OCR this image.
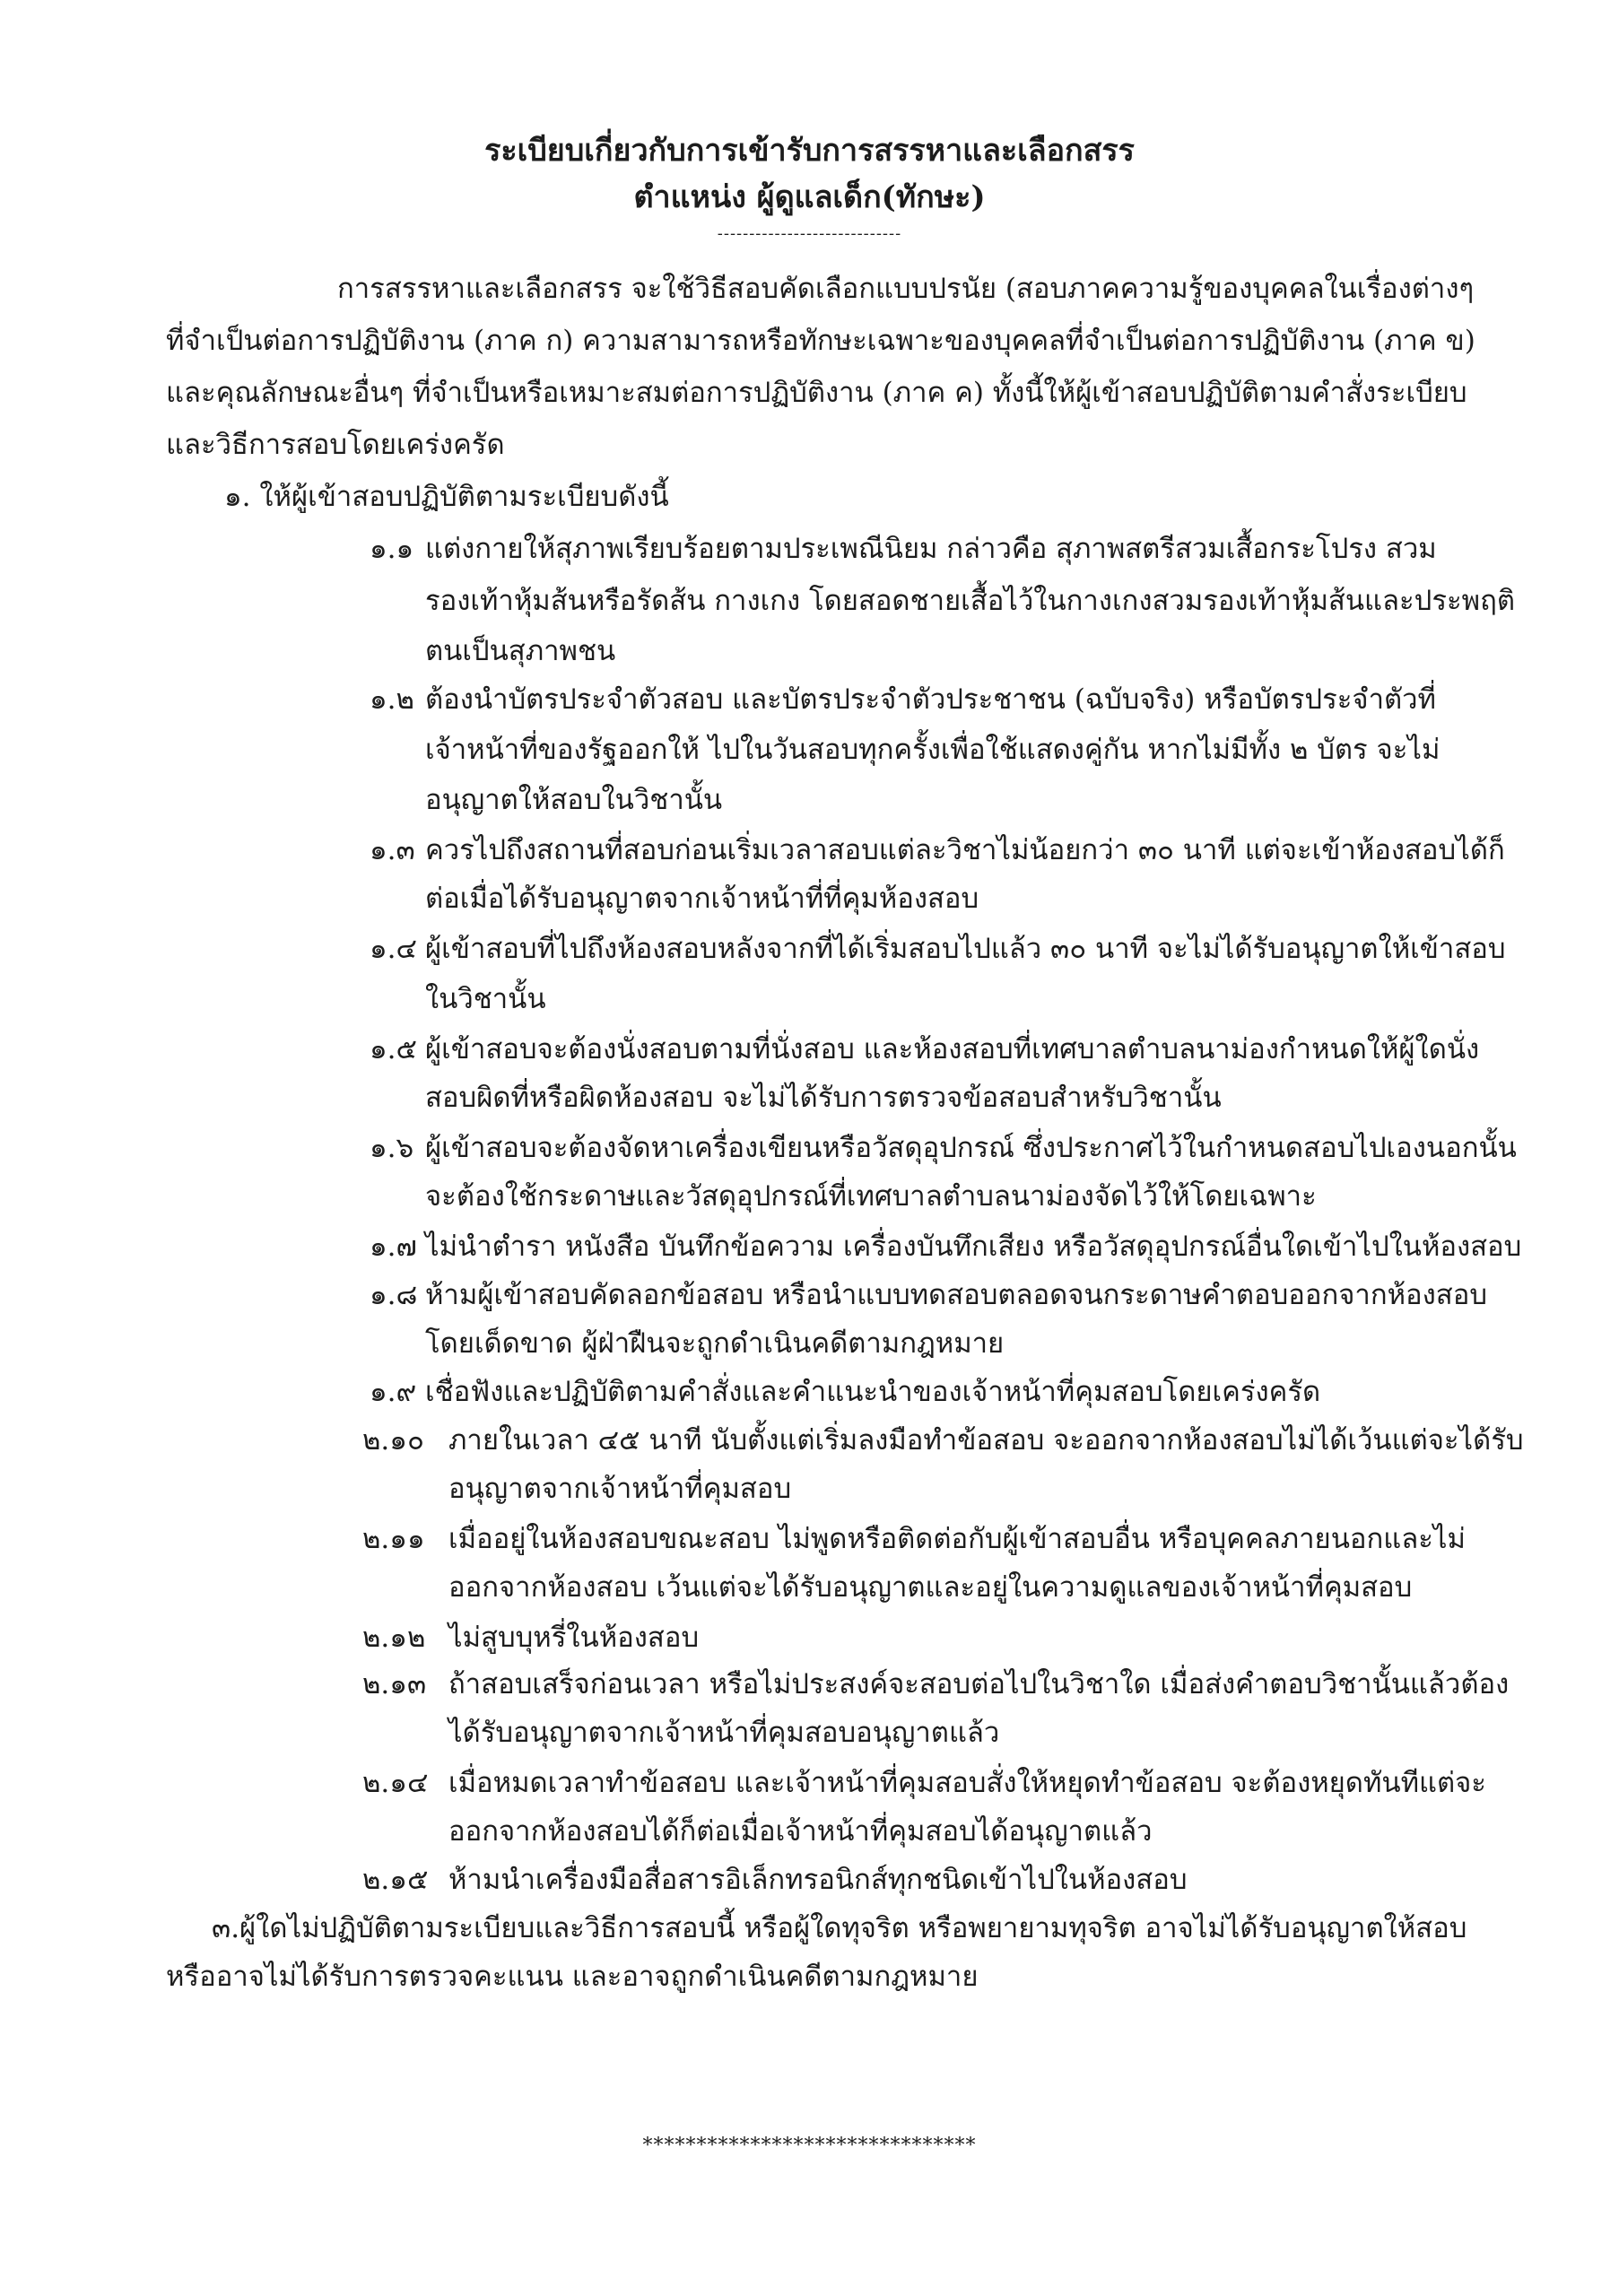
ระเบียบเกี่ยวกับการเข้ารับการสรรหาและเลือกสรร
ตำแหน่ง ผู้ดูแลเด็ก(ทักษะ)
-----------------------------
การสรรหาและเลือกสรร จะใช้วิธีสอบคัดเลือกแบบปรนัย (สอบภาคความรู้ของบุคคลในเรื่องต่างๆ
ที่จำเป็นต่อการปฏิบัติงาน (ภาค ก) ความสามารถหรือทักษะเฉพาะของบุคคลที่จำเป็นต่อการปฏิบัติงาน (ภาค ข)
และคุณลักษณะอื่นๆ ที่จำเป็นหรือเหมาะสมต่อการปฏิบัติงาน (ภาค ค) ทั้งนี้ให้ผู้เข้าสอบปฏิบัติตามคำสั่งระเบียบ
และวิธีการสอบโดยเคร่งครัด
๑. ให้ผู้เข้าสอบปฏิบัติตามระเบียบดังนี้
๑.๑ แต่งกายให้สุภาพเรียบร้อยตามประเพณีนิยม กล่าวคือ สุภาพสตรีสวมเสื้อกระโปรง สวม
รองเท้าหุ้มส้นหรือรัดส้น กางเกง โดยสอดชายเสื้อไว้ในกางเกงสวมรองเท้าหุ้มส้นและประพฤติ
ตนเป็นสุภาพชน
๑.๒ ต้องนำบัตรประจำตัวสอบ และบัตรประจำตัวประชาชน (ฉบับจริง) หรือบัตรประจำตัวที่
เจ้าหน้าที่ของรัฐออกให้ ไปในวันสอบทุกครั้งเพื่อใช้แสดงคู่กัน หากไม่มีทั้ง ๒ บัตร จะไม่
อนุญาตให้สอบในวิชานั้น
๑.๓ ควรไปถึงสถานที่สอบก่อนเริ่มเวลาสอบแต่ละวิชาไม่น้อยกว่า ๓๐ นาที แต่จะเข้าห้องสอบได้ก็
ต่อเมื่อได้รับอนุญาตจากเจ้าหน้าที่ที่คุมห้องสอบ
๑.๔ ผู้เข้าสอบที่ไปถึงห้องสอบหลังจากที่ได้เริ่มสอบไปแล้ว ๓๐ นาที จะไม่ได้รับอนุญาตให้เข้าสอบ
ในวิชานั้น
๑.๕ ผู้เข้าสอบจะต้องนั่งสอบตามที่นั่งสอบ และห้องสอบที่เทศบาลตำบลนาม่องกำหนดให้ผู้ใดนั่ง
สอบผิดที่หรือผิดห้องสอบ จะไม่ได้รับการตรวจข้อสอบสำหรับวิชานั้น
๑.๖ ผู้เข้าสอบจะต้องจัดหาเครื่องเขียนหรือวัสดุอุปกรณ์ ซึ่งประกาศไว้ในกำหนดสอบไปเองนอกนั้น
จะต้องใช้กระดาษและวัสดุอุปกรณ์ที่เทศบาลตำบลนาม่องจัดไว้ให้โดยเฉพาะ
๑.๗ ไม่นำตำรา หนังสือ บันทึกข้อความ เครื่องบันทึกเสียง หรือวัสดุอุปกรณ์อื่นใดเข้าไปในห้องสอบ
๑.๘ ห้ามผู้เข้าสอบคัดลอกข้อสอบ หรือนำแบบทดสอบตลอดจนกระดาษคำตอบออกจากห้องสอบ
โดยเด็ดขาด ผู้ฝ่าฝืนจะถูกดำเนินคดีตามกฎหมาย
๑.๙ เชื่อฟังและปฏิบัติตามคำสั่งและคำแนะนำของเจ้าหน้าที่คุมสอบโดยเคร่งครัด
๒.๑๐ ภายในเวลา ๔๕ นาที นับตั้งแต่เริ่มลงมือทำข้อสอบ จะออกจากห้องสอบไม่ได้เว้นแต่จะได้รับ
อนุญาตจากเจ้าหน้าที่คุมสอบ
๒.๑๑ เมื่ออยู่ในห้องสอบขณะสอบ ไม่พูดหรือติดต่อกับผู้เข้าสอบอื่น หรือบุคคลภายนอกและไม่
ออกจากห้องสอบ เว้นแต่จะได้รับอนุญาตและอยู่ในความดูแลของเจ้าหน้าที่คุมสอบ
๒.๑๒ ไม่สูบบุหรี่ในห้องสอบ
๒.๑๓ ถ้าสอบเสร็จก่อนเวลา หรือไม่ประสงค์จะสอบต่อไปในวิชาใด เมื่อส่งคำตอบวิชานั้นแล้วต้อง
ได้รับอนุญาตจากเจ้าหน้าที่คุมสอบอนุญาตแล้ว
๒.๑๔ เมื่อหมดเวลาทำข้อสอบ และเจ้าหน้าที่คุมสอบสั่งให้หยุดทำข้อสอบ จะต้องหยุดทันทีแต่จะ
ออกจากห้องสอบได้ก็ต่อเมื่อเจ้าหน้าที่คุมสอบได้อนุญาตแล้ว
๒.๑๕ ห้ามนำเครื่องมือสื่อสารอิเล็กทรอนิกส์ทุกชนิดเข้าไปในห้องสอบ
๓.ผู้ใดไม่ปฏิบัติตามระเบียบและวิธีการสอบนี้ หรือผู้ใดทุจริต หรือพยายามทุจริต อาจไม่ได้รับอนุญาตให้สอบ
หรืออาจไม่ได้รับการตรวจคะแนน และอาจถูกดำเนินคดีตามกฎหมาย
*******************************
